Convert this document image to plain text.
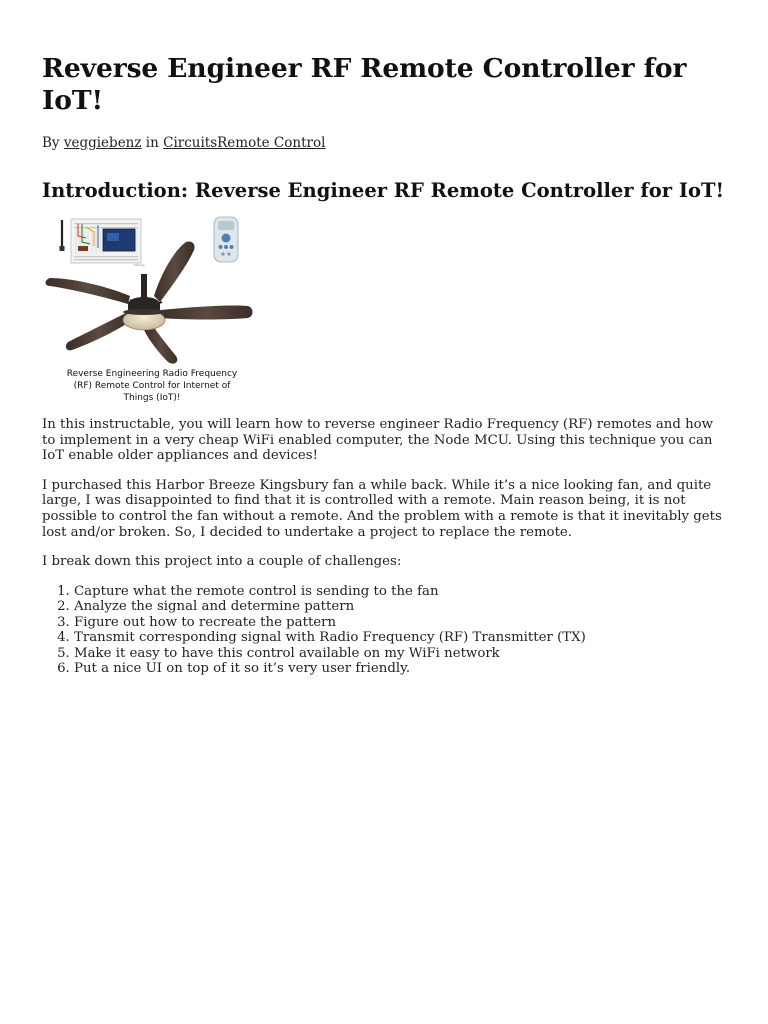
Reverse Engineer RF Remote Controller for IoT!
By veggiebenz in CircuitsRemote Control
Introduction: Reverse Engineer RF Remote Controller for IoT!
fritzing
Reverse Engineering Radio Frequency
(RF) Remote Control for Internet of
Things (IoT)!

In this instructable, you will learn how to reverse engineer Radio Frequency (RF) remotes and how to implement in a very cheap WiFi enabled computer, the Node MCU. Using this technique you can IoT enable older appliances and devices!

I purchased this Harbor Breeze Kingsbury fan a while back. While it’s a nice looking fan, and quite large, I was disappointed to find that it is controlled with a remote. Main reason being, it is not possible to control the fan without a remote. And the problem with a remote is that it inevitably gets lost and/or broken. So, I decided to undertake a project to replace the remote.

I break down this project into a couple of challenges:

1. Capture what the remote control is sending to the fan
2. Analyze the signal and determine pattern
3. Figure out how to recreate the pattern
4. Transmit corresponding signal with Radio Frequency (RF) Transmitter (TX)
5. Make it easy to have this control available on my WiFi network
6. Put a nice UI on top of it so it’s very user friendly.
